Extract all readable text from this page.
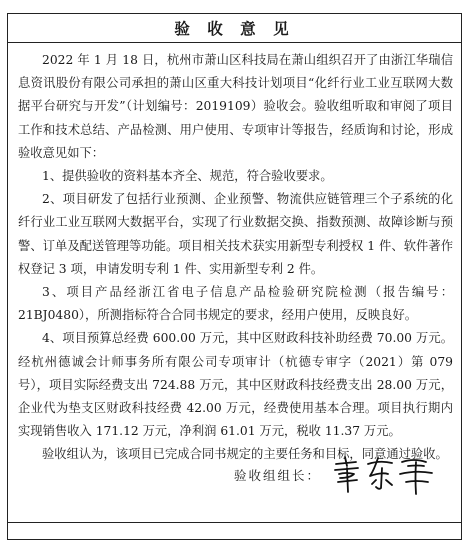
验 收 意 见

2022 年 1 月 18 日，杭州市萧山区科技局在萧山组织召开了由浙江华瑞信息资讯股份有限公司承担的萧山区重大科技计划项目“化纤行业工业互联网大数据平台研究与开发”（计划编号：2019109）验收会。验收组听取和审阅了项目工作和技术总结、产品检测、用户使用、专项审计等报告，经质询和讨论，形成验收意见如下：

1、提供验收的资料基本齐全、规范，符合验收要求。

2、项目研发了包括行业预测、企业预警、物流供应链管理三个子系统的化纤行业工业互联网大数据平台，实现了行业数据交换、指数预测、故障诊断与预警、订单及配送管理等功能。项目相关技术获实用新型专利授权 1 件、软件著作权登记 3 项，申请发明专利 1 件、实用新型专利 2 件。

3、项目产品经浙江省电子信息产品检验研究院检测（报告编号：21BJ0480），所测指标符合合同书规定的要求，经用户使用，反映良好。

4、项目预算总经费 600.00 万元，其中区财政科技补助经费 70.00 万元。经杭州德诚会计师事务所有限公司专项审计（杭德专审字（2021）第 079 号），项目实际经费支出 724.88 万元，其中区财政科技经费支出 28.00 万元，企业代为垫支区财政科技经费 42.00 万元，经费使用基本合理。项目执行期内实现销售收入 171.12 万元，净利润 61.01 万元，税收 11.37 万元。

验收组认为，该项目已完成合同书规定的主要任务和目标，同意通过验收。

验收组组长：
